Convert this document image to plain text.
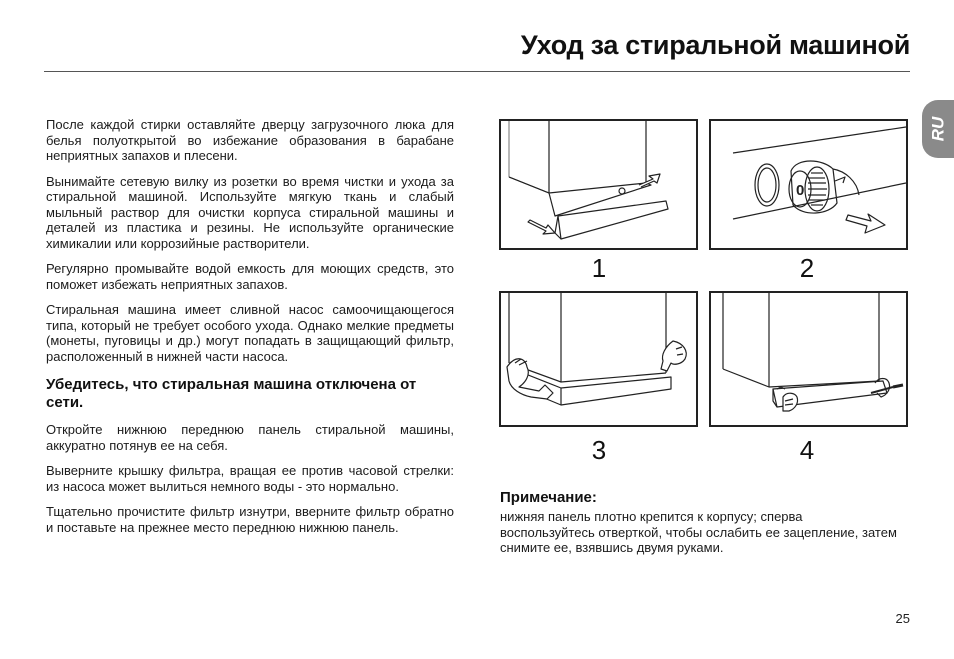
Уход за стиральной машиной
RU

После каждой стирки оставляйте дверцу загрузочного люка для белья полуоткрытой во избежание образования в барабане неприятных запахов и плесени.

Вынимайте сетевую вилку из розетки во время чистки и ухода за стиральной машиной. Используйте мягкую ткань и слабый мыльный раствор для очистки корпуса стиральной машины и деталей из пластика и резины. Не используйте органические химикалии или коррозийные растворители.

Регулярно промывайте водой емкость для моющих средств, это поможет избежать неприятных запахов.

Стиральная машина имеет сливной насос самоочищающегося типа, который не требует особого ухода. Однако мелкие предметы (монеты, пуговицы и др.) могут попадать в защищающий фильтр, расположенный в нижней части насоса.

Убедитесь, что стиральная машина отключена от сети.

Откройте нижнюю переднюю панель стиральной машины, аккуратно потянув ее на себя.

Выверните крышку фильтра, вращая ее против часовой стрелки: из насоса может вылиться немного воды - это нормально.

Тщательно прочистите фильтр изнутри, вверните фильтр обратно и поставьте на прежнее место переднюю нижнюю панель.

1
0
2
3	4
Примечание:
нижняя панель плотно крепится к корпусу; сперва воспользуйтесь отверткой, чтобы ослабить ее зацепление, затем снимите ее, взявшись двумя руками.
25
